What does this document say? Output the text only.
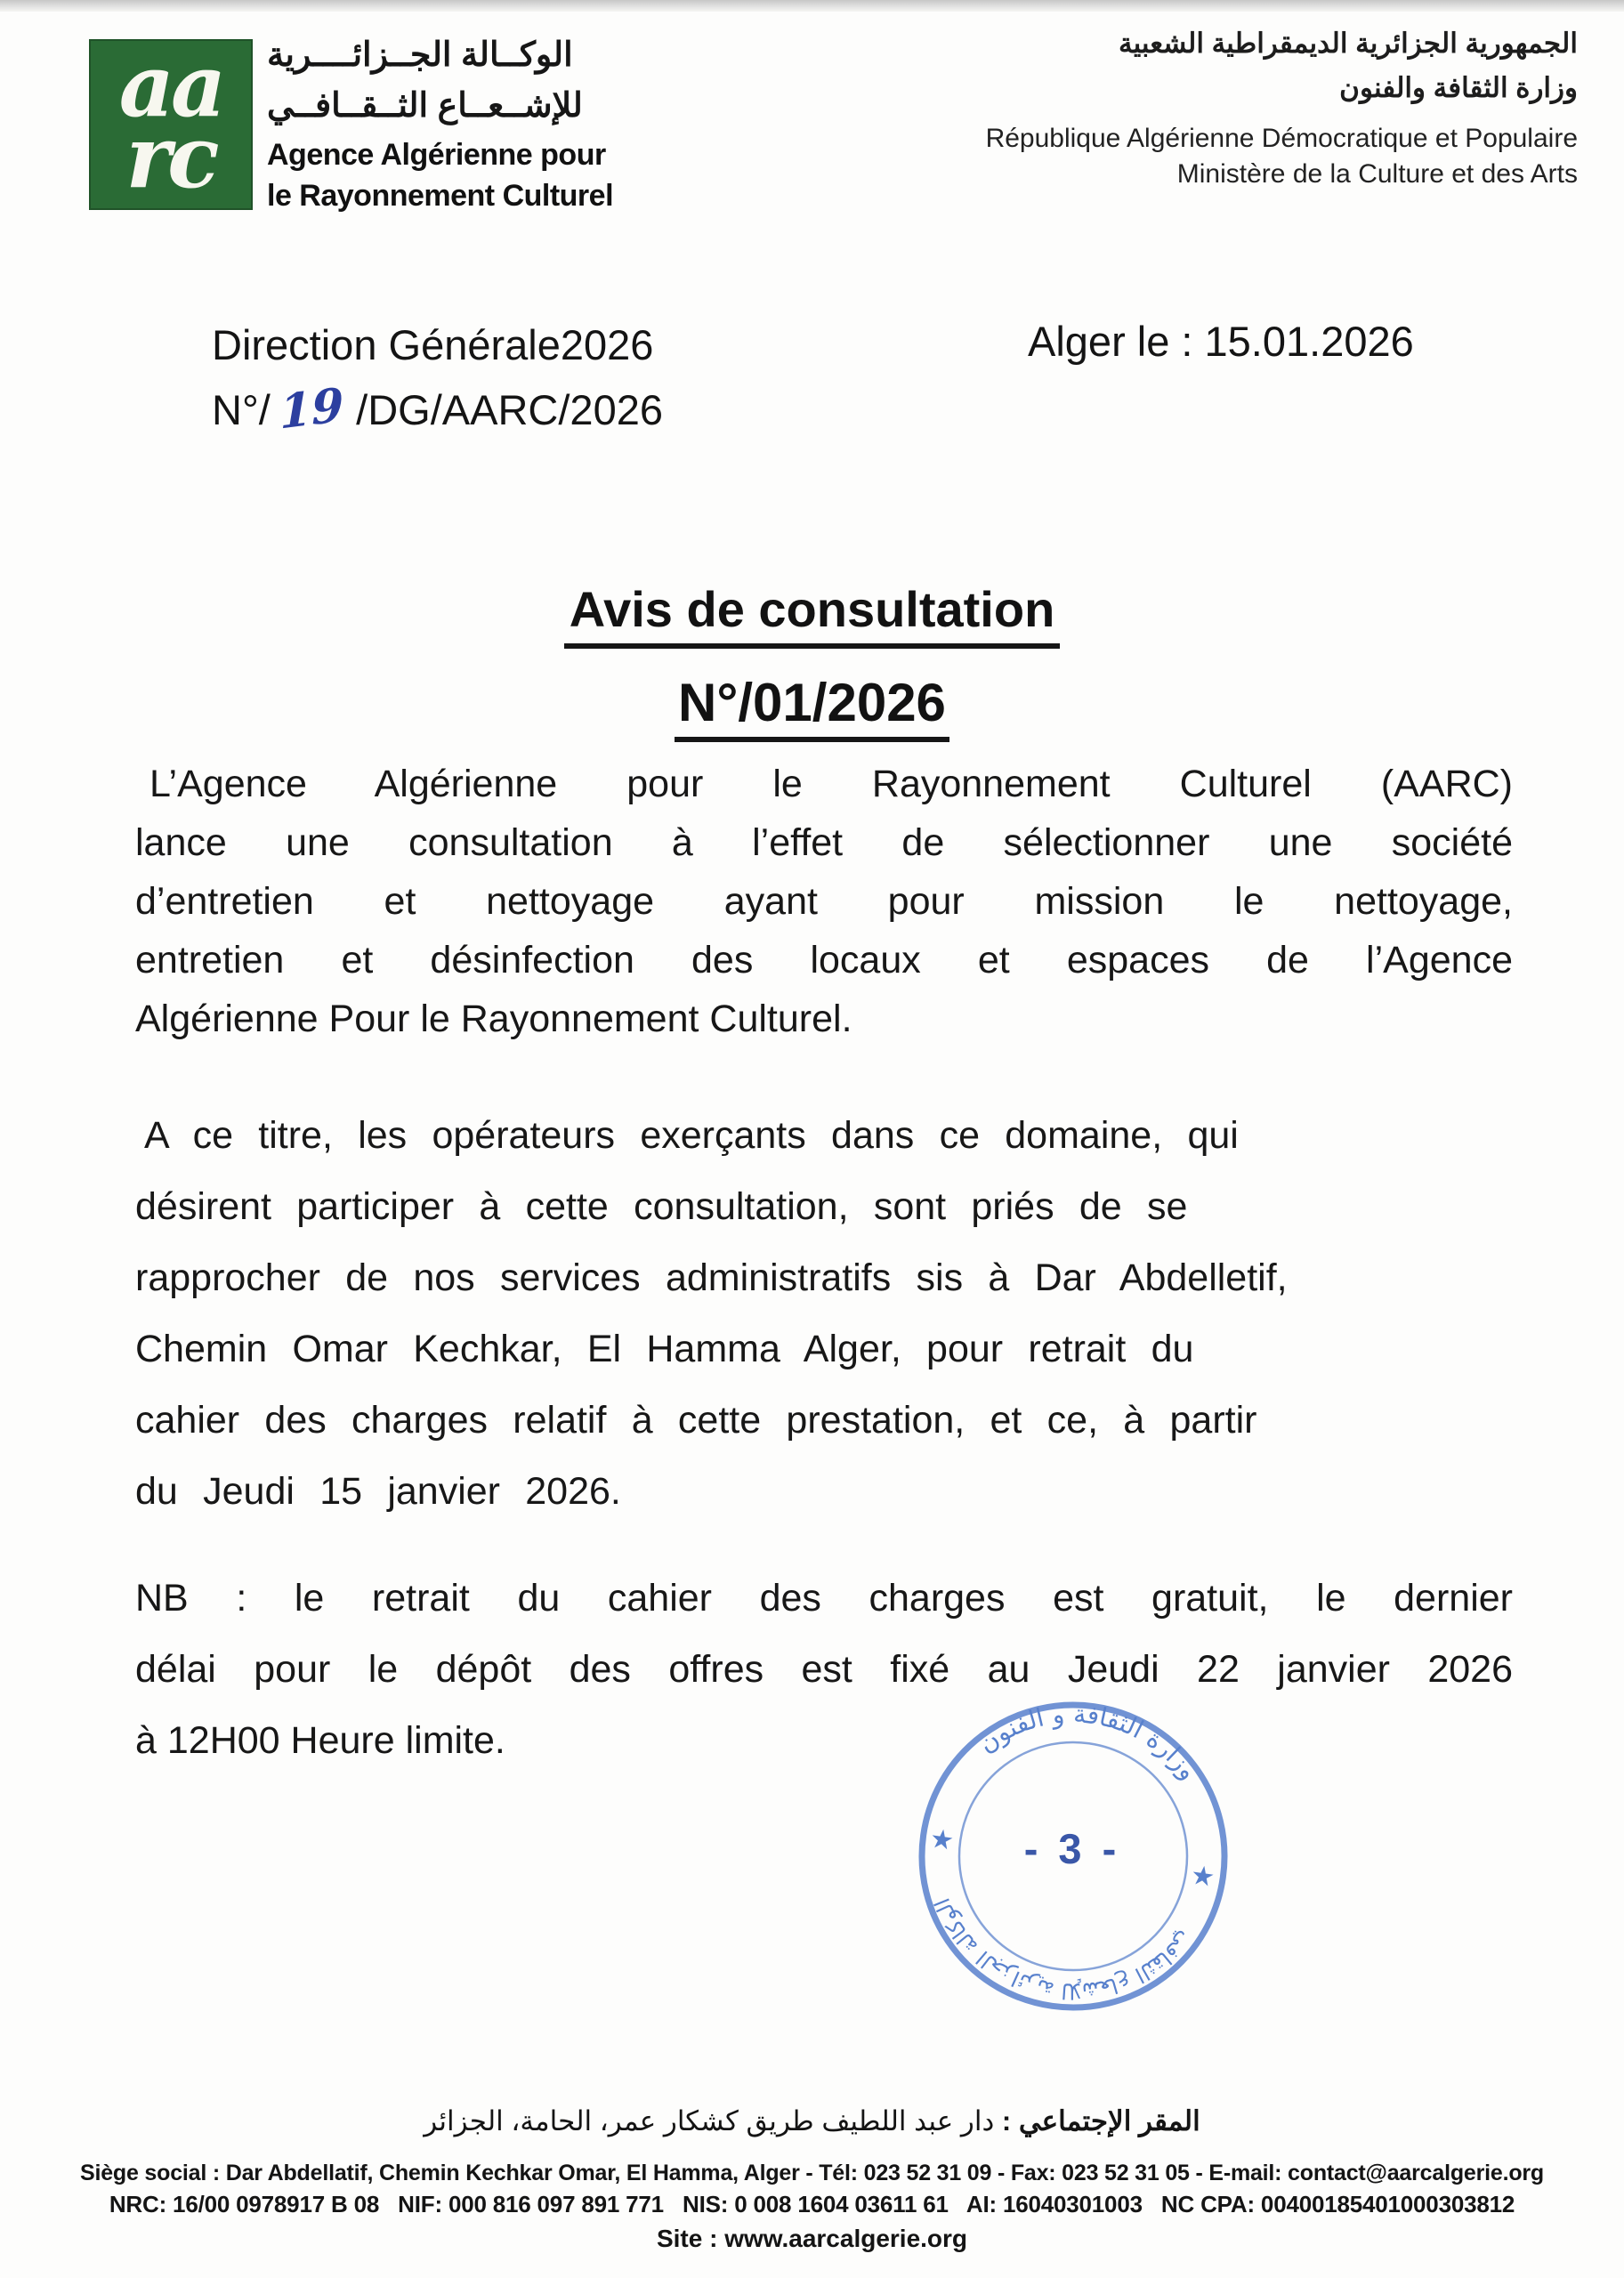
aa
rc
الوكــالة الجــزائــــرية
للإشــعــاع الثــقــافــي
Agence Algérienne pour
le Rayonnement Culturel
الجمهورية الجزائرية الديمقراطية الشعبية
وزارة الثقافة والفنون
République Algérienne Démocratique et Populaire
Ministère de la Culture et des Arts
Direction Générale2026
N°/ 19 /DG/AARC/2026
Alger le : 15.01.2026
Avis de consultation
N°/01/2026
L’Agence Algérienne pour le Rayonnement Culturel (AARC)
lance une consultation à l’effet de sélectionner une société
d’entretien et nettoyage ayant pour mission le nettoyage,
entretien et désinfection des locaux et espaces de l’Agence
Algérienne Pour le Rayonnement Culturel.
A ce titre, les opérateurs exerçants dans ce domaine, qui
désirent participer à cette consultation, sont priés de se
rapprocher de nos services administratifs sis à Dar Abdelletif,
Chemin Omar Kechkar, El Hamma Alger, pour retrait du
cahier des charges relatif à cette prestation, et ce, à partir
du Jeudi 15 janvier 2026.
NB : le retrait du cahier des charges est gratuit, le dernier
délai pour le dépôt des offres est fixé au Jeudi 22 janvier 2026
à 12H00 Heure limite.	وزارة الثقافة و الفنون
الوكالة الجزائرية للإشعاع الثقافي
★
★
- 3 -
المقر الإجتماعي : دار عبد اللطيف طريق كشكار عمر، الحامة، الجزائر
Siège social : Dar Abdellatif, Chemin Kechkar Omar, El Hamma, Alger - Tél: 023 52 31 09 - Fax: 023 52 31 05 - E-mail: contact@aarcalgerie.org
NRC: 16/00 0978917 B 08   NIF: 000 816 097 891 771   NIS: 0 008 1604 03611 61   AI: 16040301003   NC CPA: 00400185401000303812
Site : www.aarcalgerie.org
